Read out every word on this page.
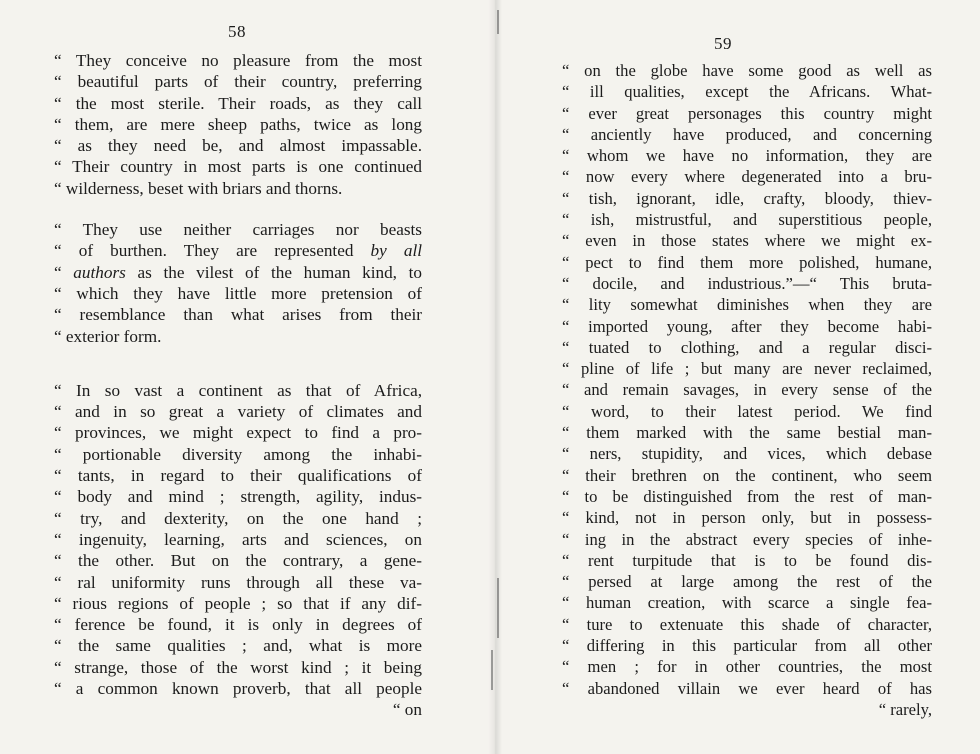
58

“ They conceive no pleasure from the most
“ beautiful parts of their country, preferring
“ the most sterile. Their roads, as they call
“ them, are mere sheep paths, twice as long
“ as they need be, and almost impassable.
“ Their country in most parts is one continued
“ wilderness, beset with briars and thorns.
“ They use neither carriages nor beasts
“ of burthen. They are represented by all
“ authors as the vilest of the human kind, to
“ which they have little more pretension of
“ resemblance than what arises from their
“ exterior form.
“ In so vast a continent as that of Africa,
“ and in so great a variety of climates and
“ provinces, we might expect to find a pro-
“ portionable diversity among the inhabi-
“ tants, in regard to their qualifications of
“ body and mind ; strength, agility, indus-
“ try, and dexterity, on the one hand ;
“ ingenuity, learning, arts and sciences, on
“ the other. But on the contrary, a gene-
“ ral uniformity runs through all these va-
“ rious regions of people ; so that if any dif-
“ ference be found, it is only in degrees of
“ the same qualities ; and, what is more
“ strange, those of the worst kind ; it being
“ a common known proverb, that all people
“ on

59

“ on the globe have some good as well as
“ ill qualities, except the Africans. What-
“ ever great personages this country might
“ anciently have produced, and concerning
“ whom we have no information, they are
“ now every where degenerated into a bru-
“ tish, ignorant, idle, crafty, bloody, thiev-
“ ish, mistrustful, and superstitious people,
“ even in those states where we might ex-
“ pect to find them more polished, humane,
“ docile, and industrious.”—“ This bruta-
“ lity somewhat diminishes when they are
“ imported young, after they become habi-
“ tuated to clothing, and a regular disci-
“ pline of life ; but many are never reclaimed,
“ and remain savages, in every sense of the
“ word, to their latest period. We find
“ them marked with the same bestial man-
“ ners, stupidity, and vices, which debase
“ their brethren on the continent, who seem
“ to be distinguished from the rest of man-
“ kind, not in person only, but in possess-
“ ing in the abstract every species of inhe-
“ rent turpitude that is to be found dis-
“ persed at large among the rest of the
“ human creation, with scarce a single fea-
“ ture to extenuate this shade of character,
“ differing in this particular from all other
“ men ; for in other countries, the most
“ abandoned villain we ever heard of has
“ rarely,
